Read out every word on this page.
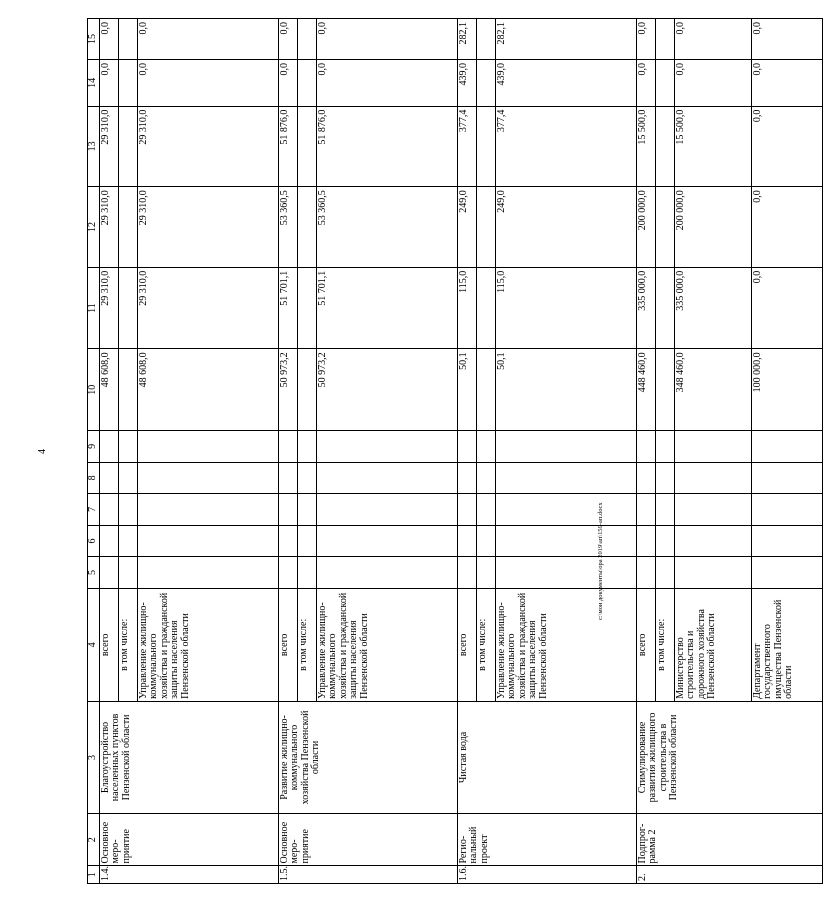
4
c:\мои документы\ора 2019\ап\159-ап.docx
1	2	3	4	5	6	7	8	9	10	11	12	13	14	15
1.4.	Основное меро-приятие	Благоустройство населенных пунктов Пензенской области	всего						48 608,0	29 310,0	29 310,0	29 310,0	0,0	0,0
			в том числе:											
			Управление жилищно-коммунального хозяйства и гражданской защиты населения Пензенской области						48 608,0	29 310,0	29 310,0	29 310,0	0,0	0,0
1.5.	Основное меро-приятие	Развитие жилищно-коммунального хозяйства Пензенской области	всего						50 973,2	51 701,1	53 360,5	51 876,0	0,0	0,0
			в том числе:											
			Управление жилищно-коммунального хозяйства и гражданской защиты населения Пензенской области						50 973,2	51 701,1	53 360,5	51 876,0	0,0	0,0
1.6.	Регио-нальный проект	Чистая вода	всего						50,1	115,0	249,0	377,4	439,0	282,1
			в том числе:											
			Управление жилищно-коммунального хозяйства и гражданской защиты населения Пензенской области						50,1	115,0	249,0	377,4	439,0	282,1
2.	Подпрог-рамма 2	Стимулирование развития жилищного строительства в Пензенской области	всего						448 460,0	335 000,0	200 000,0	15 500,0	0,0	0,0
			в том числе:											
			Министерство строительства и дорожного хозяйства Пензенской области						348 460,0	335 000,0	200 000,0	15 500,0	0,0	0,0
			Департамент государственного имущества Пензенской области						100 000,0	0,0	0,0	0,0	0,0	0,0
